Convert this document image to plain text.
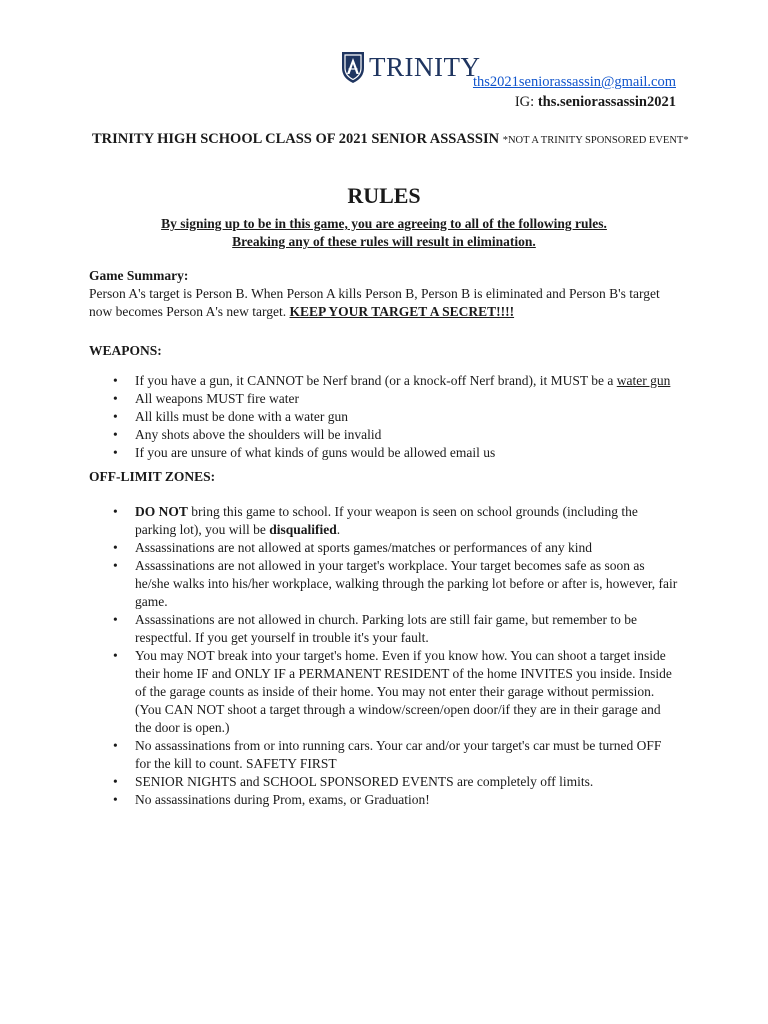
TRINITY
ths2021seniorassassin@gmail.com
IG: ths.seniorassassin2021
TRINITY HIGH SCHOOL CLASS OF 2021 SENIOR ASSASSIN *NOT A TRINITY SPONSORED EVENT*
RULES
By signing up to be in this game, you are agreeing to all of the following rules.
Breaking any of these rules will result in elimination.
Game Summary:
Person A's target is Person B. When Person A kills Person B, Person B is eliminated and Person B's target now becomes Person A's new target. KEEP YOUR TARGET A SECRET!!!!
WEAPONS:
• If you have a gun, it CANNOT be Nerf brand (or a knock-off Nerf brand), it MUST be a water gun
• All weapons MUST fire water
• All kills must be done with a water gun
• Any shots above the shoulders will be invalid
• If you are unsure of what kinds of guns would be allowed email us
OFF-LIMIT ZONES:
• DO NOT bring this game to school. If your weapon is seen on school grounds (including the parking lot), you will be disqualified.
• Assassinations are not allowed at sports games/matches or performances of any kind
• Assassinations are not allowed in your target's workplace. Your target becomes safe as soon as he/she walks into his/her workplace, walking through the parking lot before or after is, however, fair game.
• Assassinations are not allowed in church. Parking lots are still fair game, but remember to be respectful. If you get yourself in trouble it's your fault.
• You may NOT break into your target's home. Even if you know how. You can shoot a target inside their home IF and ONLY IF a PERMANENT RESIDENT of the home INVITES you inside. Inside of the garage counts as inside of their home. You may not enter their garage without permission. (You CAN NOT shoot a target through a window/screen/open door/if they are in their garage and the door is open.)
• No assassinations from or into running cars. Your car and/or your target's car must be turned OFF for the kill to count. SAFETY FIRST
• SENIOR NIGHTS and SCHOOL SPONSORED EVENTS are completely off limits.
• No assassinations during Prom, exams, or Graduation!
